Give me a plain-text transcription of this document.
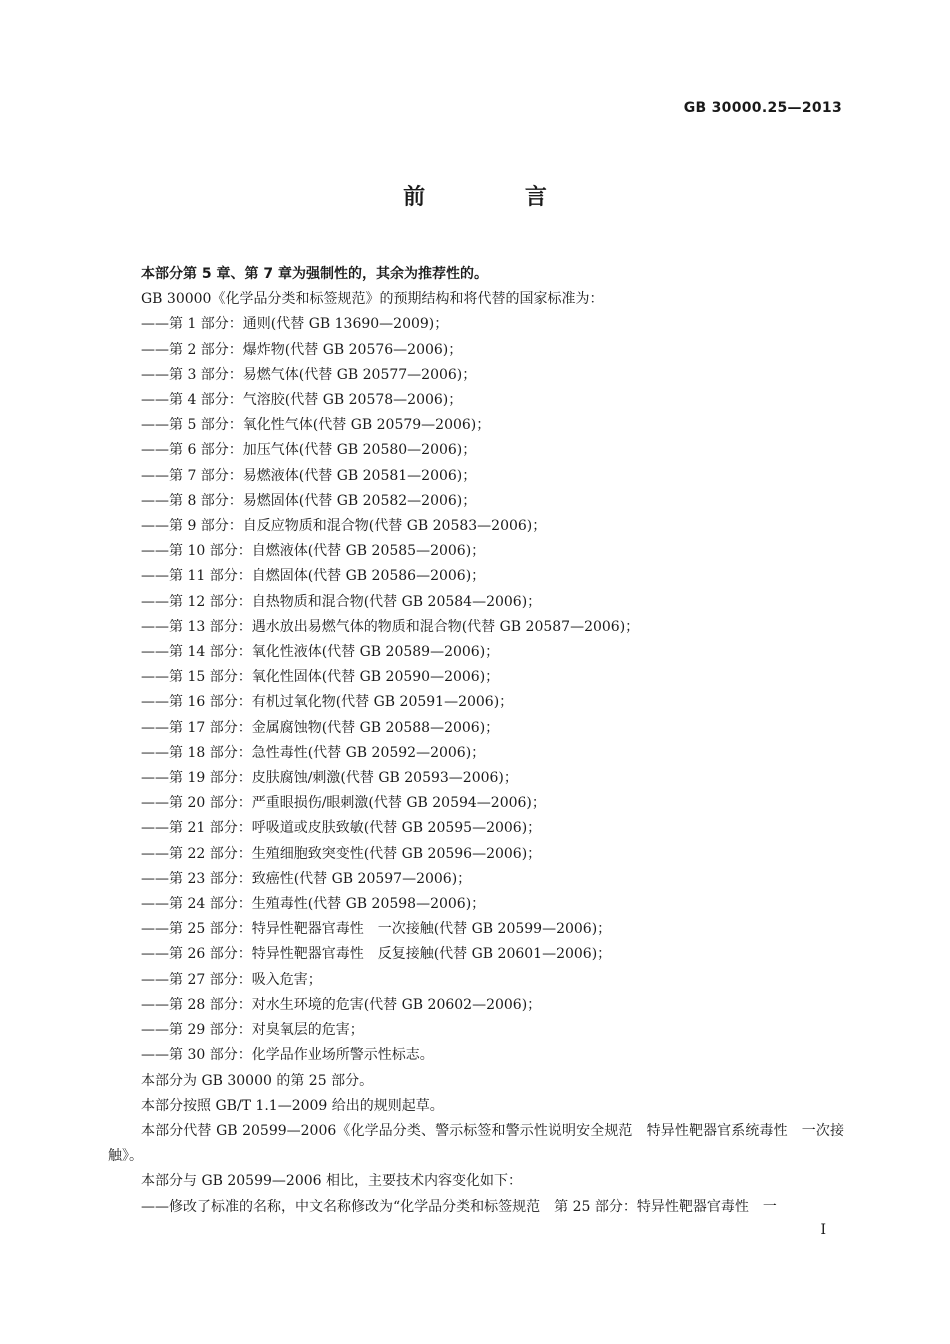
GB 30000.25—2013
前 言

本部分第 5 章、第 7 章为强制性的，其余为推荐性的。

GB 30000《化学品分类和标签规范》的预期结构和将代替的国家标准为：

——第 1 部分：通则(代替 GB 13690—2009)；

——第 2 部分：爆炸物(代替 GB 20576—2006)；

——第 3 部分：易燃气体(代替 GB 20577—2006)；

——第 4 部分：气溶胶(代替 GB 20578—2006)；

——第 5 部分：氧化性气体(代替 GB 20579—2006)；

——第 6 部分：加压气体(代替 GB 20580—2006)；

——第 7 部分：易燃液体(代替 GB 20581—2006)；

——第 8 部分：易燃固体(代替 GB 20582—2006)；

——第 9 部分：自反应物质和混合物(代替 GB 20583—2006)；

——第 10 部分：自燃液体(代替 GB 20585—2006)；

——第 11 部分：自燃固体(代替 GB 20586—2006)；

——第 12 部分：自热物质和混合物(代替 GB 20584—2006)；

——第 13 部分：遇水放出易燃气体的物质和混合物(代替 GB 20587—2006)；

——第 14 部分：氧化性液体(代替 GB 20589—2006)；

——第 15 部分：氧化性固体(代替 GB 20590—2006)；

——第 16 部分：有机过氧化物(代替 GB 20591—2006)；

——第 17 部分：金属腐蚀物(代替 GB 20588—2006)；

——第 18 部分：急性毒性(代替 GB 20592—2006)；

——第 19 部分：皮肤腐蚀/刺激(代替 GB 20593—2006)；

——第 20 部分：严重眼损伤/眼刺激(代替 GB 20594—2006)；

——第 21 部分：呼吸道或皮肤致敏(代替 GB 20595—2006)；

——第 22 部分：生殖细胞致突变性(代替 GB 20596—2006)；

——第 23 部分：致癌性(代替 GB 20597—2006)；

——第 24 部分：生殖毒性(代替 GB 20598—2006)；

——第 25 部分：特异性靶器官毒性　一次接触(代替 GB 20599—2006)；

——第 26 部分：特异性靶器官毒性　反复接触(代替 GB 20601—2006)；

——第 27 部分：吸入危害；

——第 28 部分：对水生环境的危害(代替 GB 20602—2006)；

——第 29 部分：对臭氧层的危害；

——第 30 部分：化学品作业场所警示性标志。

本部分为 GB 30000 的第 25 部分。

本部分按照 GB/T 1.1—2009 给出的规则起草。

本部分代替 GB 20599—2006《化学品分类、警示标签和警示性说明安全规范　特异性靶器官系统毒性　一次接触》。

本部分与 GB 20599—2006 相比，主要技术内容变化如下：

——修改了标准的名称，中文名称修改为“化学品分类和标签规范　第 25 部分：特异性靶器官毒性　一

I
